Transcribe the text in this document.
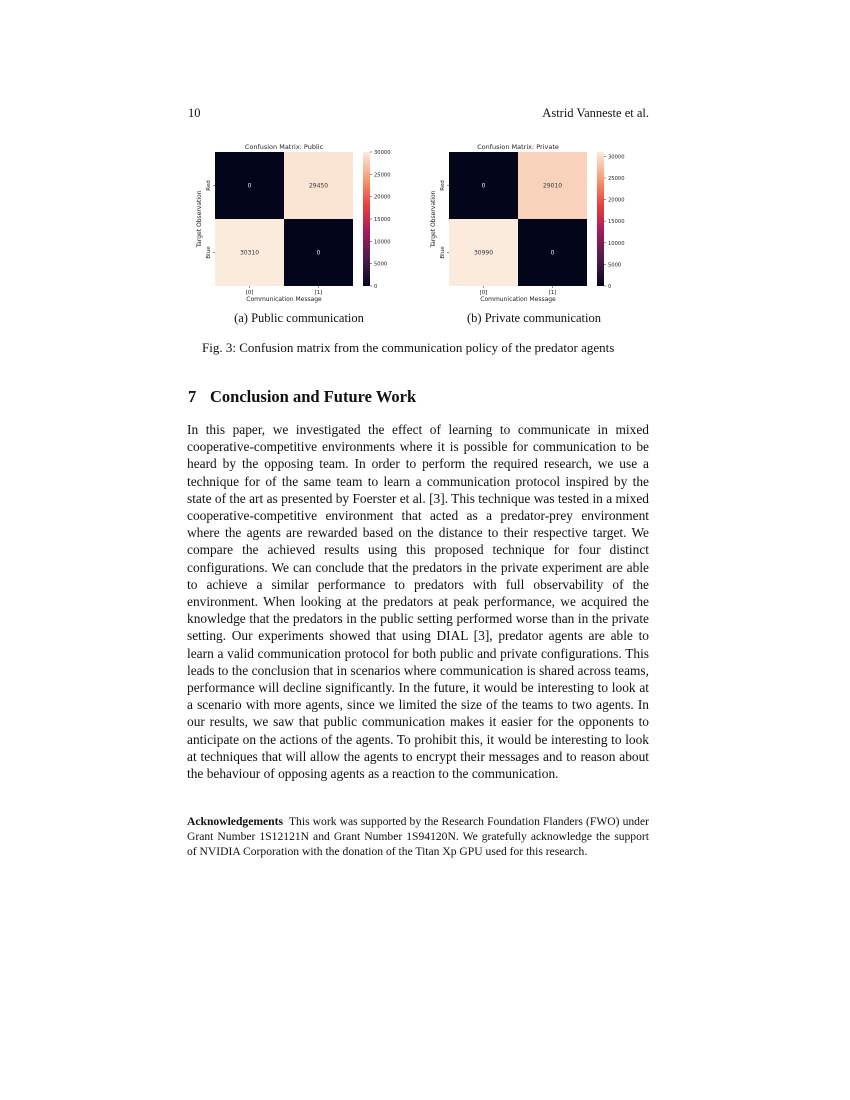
10	Astrid Vanneste et al.
Confusion Matrix: Public
0	29450
30310	0
[0]	[1]
Communication Message
Red
Blue
Target Observation
30000
25000
20000
15000
10000
5000
0
Confusion Matrix: Private
0	29010
30990	0
[0]	[1]
Communication Message
Red
Blue
Target Observation
30000
25000
20000
15000
10000
5000
0
(a) Public communication	(b) Private communication
Fig. 3: Confusion matrix from the communication policy of the predator agents
7 Conclusion and Future Work

In this paper, we investigated the effect of learning to communicate in mixed cooperative-competitive environments where it is possible for communication to be heard by the opposing team. In order to perform the required research, we use a technique for of the same team to learn a communication protocol inspired by the state of the art as presented by Foerster et al. [3]. This technique was tested in a mixed cooperative-competitive environment that acted as a predator-prey environment where the agents are rewarded based on the distance to their respective target. We compare the achieved results using this proposed technique for four distinct configurations. We can conclude that the predators in the private experiment are able to achieve a similar performance to predators with full observability of the environment. When looking at the predators at peak performance, we acquired the knowledge that the predators in the public setting performed worse than in the private setting. Our experiments showed that using DIAL [3], predator agents are able to learn a valid communication protocol for both public and private configurations. This leads to the conclusion that in scenarios where communication is shared across teams, performance will decline significantly. In the future, it would be interesting to look at a scenario with more agents, since we limited the size of the teams to two agents. In our results, we saw that public communication makes it easier for the opponents to anticipate on the actions of the agents. To prohibit this, it would be interesting to look at techniques that will allow the agents to encrypt their messages and to reason about the behaviour of opposing agents as a reaction to the communication.

Acknowledgements This work was supported by the Research Foundation Flanders (FWO) under Grant Number 1S12121N and Grant Number 1S94120N. We gratefully acknowledge the support of NVIDIA Corporation with the donation of the Titan Xp GPU used for this research.
